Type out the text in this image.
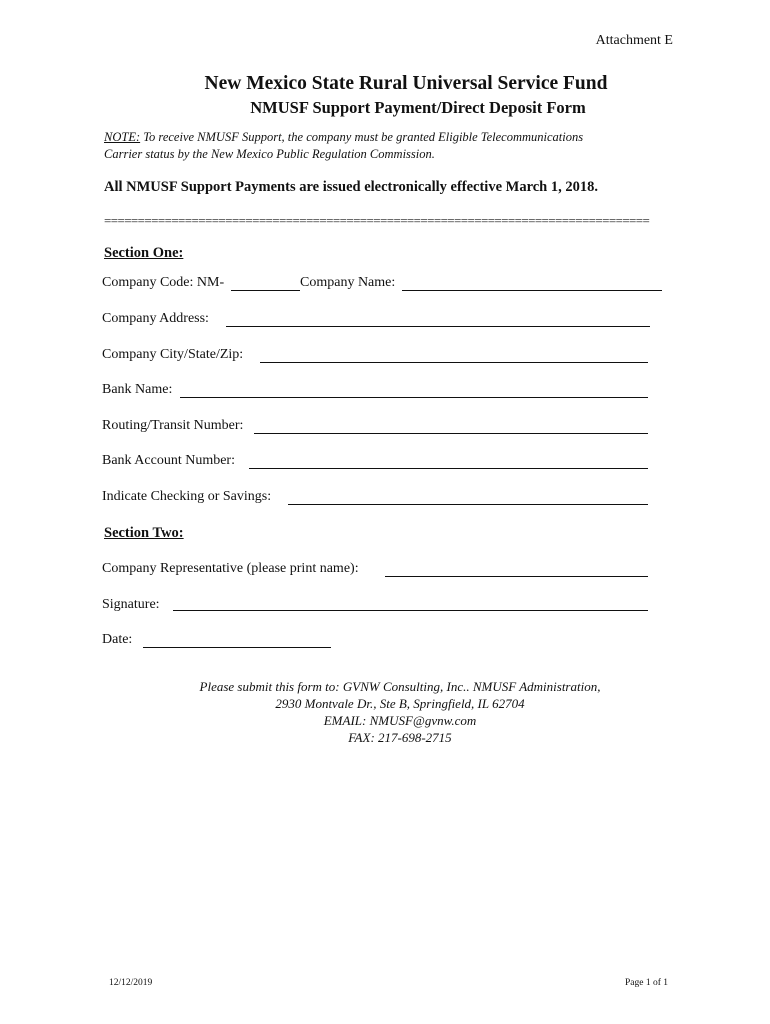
Attachment E
New Mexico State Rural Universal Service Fund
NMUSF Support Payment/Direct Deposit Form
NOTE: To receive NMUSF Support, the company must be granted Eligible Telecommunications
Carrier status by the New Mexico Public Regulation Commission.
All NMUSF Support Payments are issued electronically effective March 1, 2018.
=================================================================================
Section One:
Company Code: NM-	Company Name:
Company Address:
Company City/State/Zip:
Bank Name:
Routing/Transit Number:
Bank Account Number:
Indicate Checking or Savings:
Section Two:
Company Representative (please print name):
Signature:
Date:
Please submit this form to: GVNW Consulting, Inc.. NMUSF Administration,
2930 Montvale Dr., Ste B, Springfield, IL 62704
EMAIL: NMUSF@gvnw.com
FAX: 217-698-2715
12/12/2019	Page 1 of 1
